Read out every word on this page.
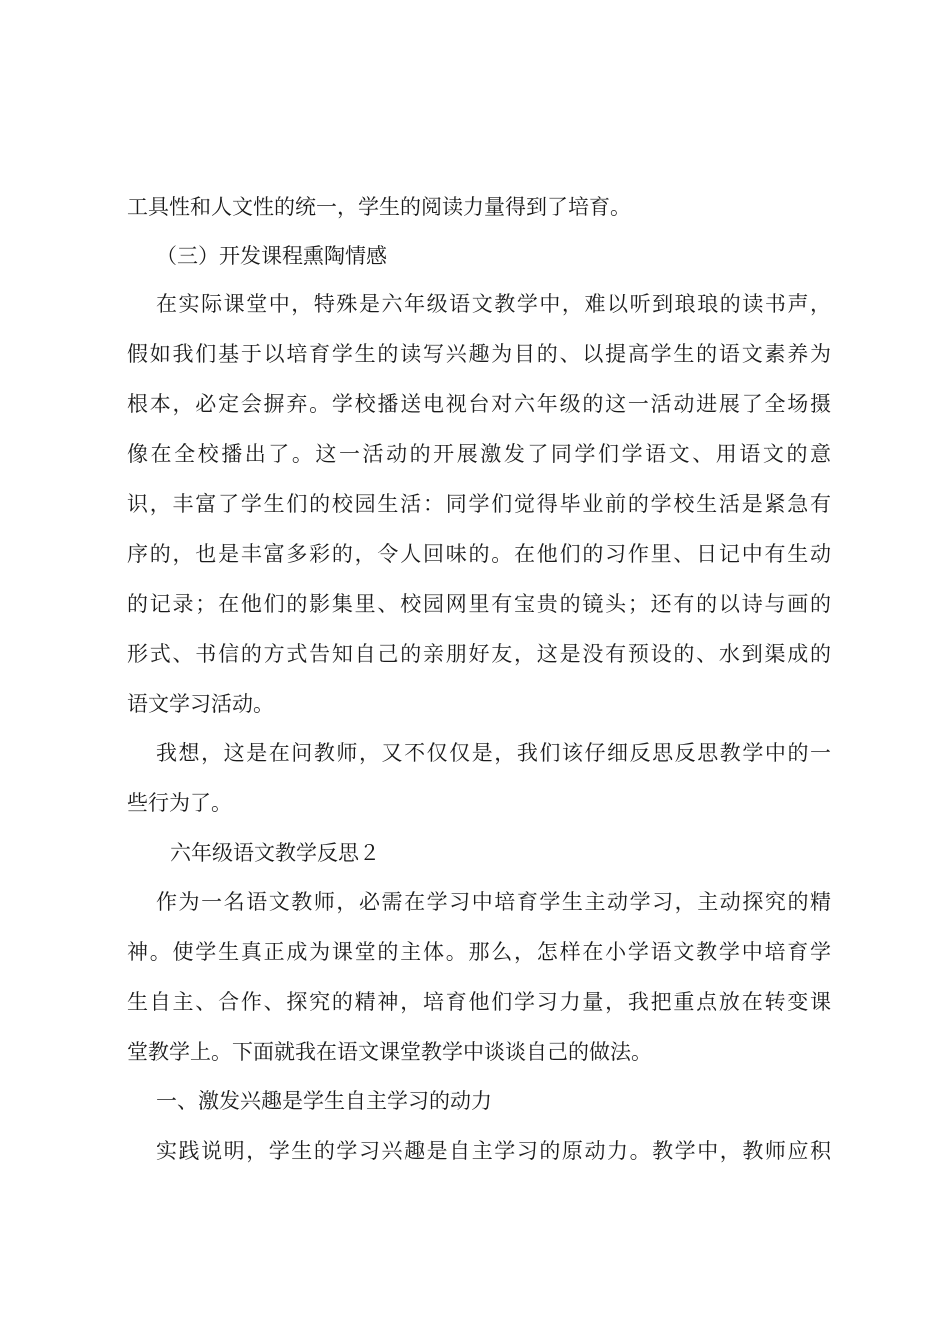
工具性和人文性的统一，学生的阅读力量得到了培育。
（三）开发课程熏陶情感
在实际课堂中，特殊是六年级语文教学中，难以听到琅琅的读书声，
假如我们基于以培育学生的读写兴趣为目的、以提高学生的语文素养为
根本，必定会摒弃。学校播送电视台对六年级的这一活动进展了全场摄
像在全校播出了。这一活动的开展激发了同学们学语文、用语文的意
识，丰富了学生们的校园生活：同学们觉得毕业前的学校生活是紧急有
序的，也是丰富多彩的，令人回味的。在他们的习作里、日记中有生动
的记录；在他们的影集里、校园网里有宝贵的镜头；还有的以诗与画的
形式、书信的方式告知自己的亲朋好友，这是没有预设的、水到渠成的
语文学习活动。
我想，这是在问教师，又不仅仅是，我们该仔细反思反思教学中的一
些行为了。
六年级语文教学反思２
作为一名语文教师，必需在学习中培育学生主动学习，主动探究的精
神。使学生真正成为课堂的主体。那么，怎样在小学语文教学中培育学
生自主、合作、探究的精神，培育他们学习力量，我把重点放在转变课
堂教学上。下面就我在语文课堂教学中谈谈自己的做法。
一、激发兴趣是学生自主学习的动力
实践说明，学生的学习兴趣是自主学习的原动力。教学中，教师应积
